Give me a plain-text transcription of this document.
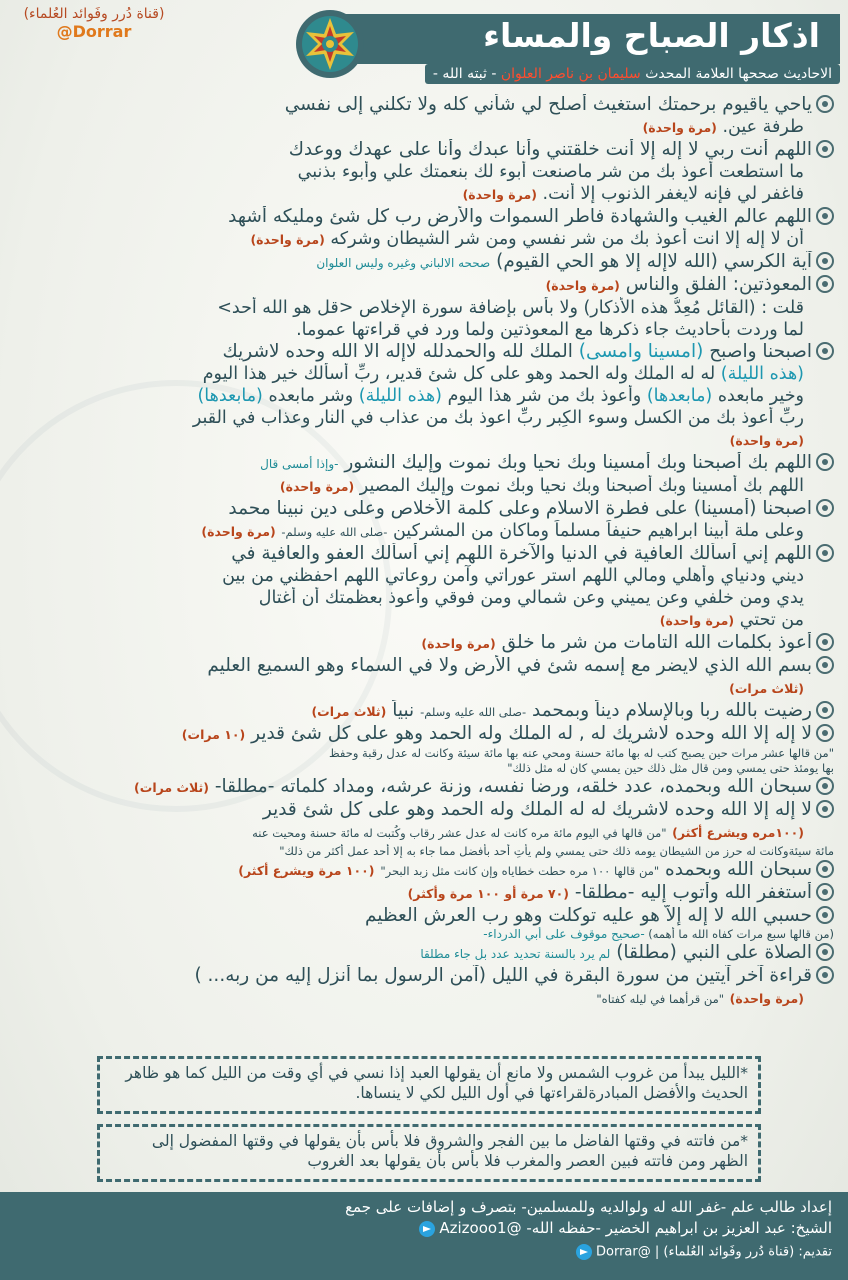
(قناة دُرر وفَوائد العُلماء)
@Dorrar	اذكار الصباح والمساء
الاحاديث صححها العلامة المحدث سليمان بن ناصر العلوان - ثبته الله -
ياحي ياقيوم برحمتك استغيث أصلح لي شأني كله ولا تكلني إلى نفسي
طرفة عين. (مرة واحدة)
اللهم أنت ربي لا إله إلا أنت خلقتني وأنا عبدك وأنا على عهدك ووعدك
ما استطعت أعوذ بك من شر ماصنعت أبوء لك بنعمتك علي وأبوء بذنبي
فاغفر لي فإنه لايغفر الذنوب إلا أنت. (مرة واحدة)
اللهم عالم الغيب والشهادة فاطر السموات والأرض رب كل شئ ومليكه أشهد
أن لا إله إلا انت أعوذ بك من شر نفسي ومن شر الشيطان وشركه (مرة واحدة)
آية الكرسي (الله لاإله إلا هو الحي القيوم) صححه الالباني وغيره وليس العلوان
المعوذتين: الفلق والناس (مرة واحدة)
قلت : (القائل مُعِدُّ هذه الأذكار) ولا بأس بإضافة سورة الإخلاص <قل هو الله أحد>
لما وردت بأحاديث جاء ذكرها مع المعوذتين ولما ورد في قراءتها عموما.
اصبحنا واصبح (امسينا وامسى) الملك لله والحمدلله لاإله الا الله وحده لاشريك
(هذه الليلة) له له الملك وله الحمد وهو على كل شئ قدير، ربِّ أسألك خير هذا اليوم
وخير مابعده (مابعدها) وأعوذ بك من شر هذا اليوم (هذه الليلة) وشر مابعده (مابعدها)
ربِّ أعوذ بك من الكسل وسوء الكِبر ربِّ اعوذ بك من عذاب في النار وعذاب في القبر
(مرة واحدة)
اللهم بك أصبحنا وبك أمسينا وبك نحيا وبك نموت وإليك النشور -وإذا أمسى قال
اللهم بك أمسينا وبك أصبحنا وبك نحيا وبك نموت وإليك المصير (مرة واحدة)
اصبحنا (أمسينا) على فطرة الاسلام وعلى كلمة الأخلاص وعلى دين نبينا محمد
وعلى ملة أبينا ابراهيم حنيفاً مسلماً وماكان من المشركين -صلى الله عليه وسلم- (مرة واحدة)
اللهم إني أسألك العافية في الدنيا والآخرة اللهم إني أسألك العفو والعافية في
ديني ودنياي وأهلي ومالي اللهم استر عوراتي وآمن روعاتي اللهم احفظني من بين
يدي ومن خلفي وعن يميني وعن شمالي ومن فوقي وأعوذ بعظمتك أن أغتال
من تحتي (مرة واحدة)
أعوذ بكلمات الله التامات من شر ما خلق (مرة واحدة)
بسم الله الذي لايضر مع إسمه شئ في الأرض ولا في السماء وهو السميع العليم
(ثلاث مرات)
رضيت بالله ربا وبالإسلام ديناً وبمحمد -صلى الله عليه وسلم- نبياً (ثلاث مرات)
لا إله إلا الله وحده لاشريك له , له الملك وله الحمد وهو على كل شئ قدير (١٠ مرات)
"من قالها عشر مرات حين يصبح كتب له بها مائة حسنة ومحي عنه بها مائة سيئة وكانت له عدل رقبة وحفظ
بها يومئذ حتى يمسي ومن قال مثل ذلك حين يمسي كان له مثل ذلك"
سبحان الله وبحمده، عدد خلقه، ورضا نفسه، وزنة عرشه، ومداد كلماته -مطلقا- (ثلاث مرات)
لا إله إلا الله وحده لاشريك له له الملك وله الحمد وهو على كل شئ قدير
(١٠٠مره ويشرع أكثر) "من قالها في اليوم مائة مره كانت له عدل عشر رقاب وكُتبت له مائة حسنة ومحيت عنه
مائة سيئةوكانت له حرز من الشيطان يومه ذلك حتى يمسي ولم يأتِ أحد بأفضل مما جاء به إلا أحد عمل أكثر من ذلك"
سبحان الله وبحمده "من قالها ١٠٠ مره حطت خطاياه وإن كانت مثل زبد البحر" (١٠٠ مرة ويشرع أكثر)
أستغفر الله وأتوب إليه -مطلقا- (٧٠ مرة أو ١٠٠ مرة وأكثر)
حسبي الله لا إله إلاّ هو عليه توكلت وهو رب العرش العظيم
(من قالها سبع مرات كفاه الله ما أهمه) -صحيح موقوف على أبي الدرداء-
الصلاة على النبي (مطلقا) لم يرد بالسنة تحديد عدد بل جاء مطلقا
قراءة آخر آيتين من سورة البقرة في الليل (آمن الرسول بما أنزل إليه من ربه... )
(مرة واحدة) "من قرأهما في ليله كفتاه"
*الليل يبدأ من غروب الشمس ولا مانع أن يقولها العبد إذا نسي في أي وقت من الليل كما هو ظاهر الحديث والأفضل المبادرةلقراءتها في أول الليل لكي لا ينساها.
*من فاتته في وقتها الفاضل ما بين الفجر والشروق فلا بأس بأن يقولها في وقتها المفضول إلى الظهر ومن فاتته فبين العصر والمغرب فلا بأس بأن يقولها بعد الغروب
إعداد طالب علم -غفر الله له ولوالديه وللمسلمين- بتصرف و إضافات على جمع
الشيخ: عبد العزيز بن ابراهيم الخضير -حفظه الله- @Azizooo1
تقديم: (قناة دُرر وفَوائد العُلماء) | @Dorrar
